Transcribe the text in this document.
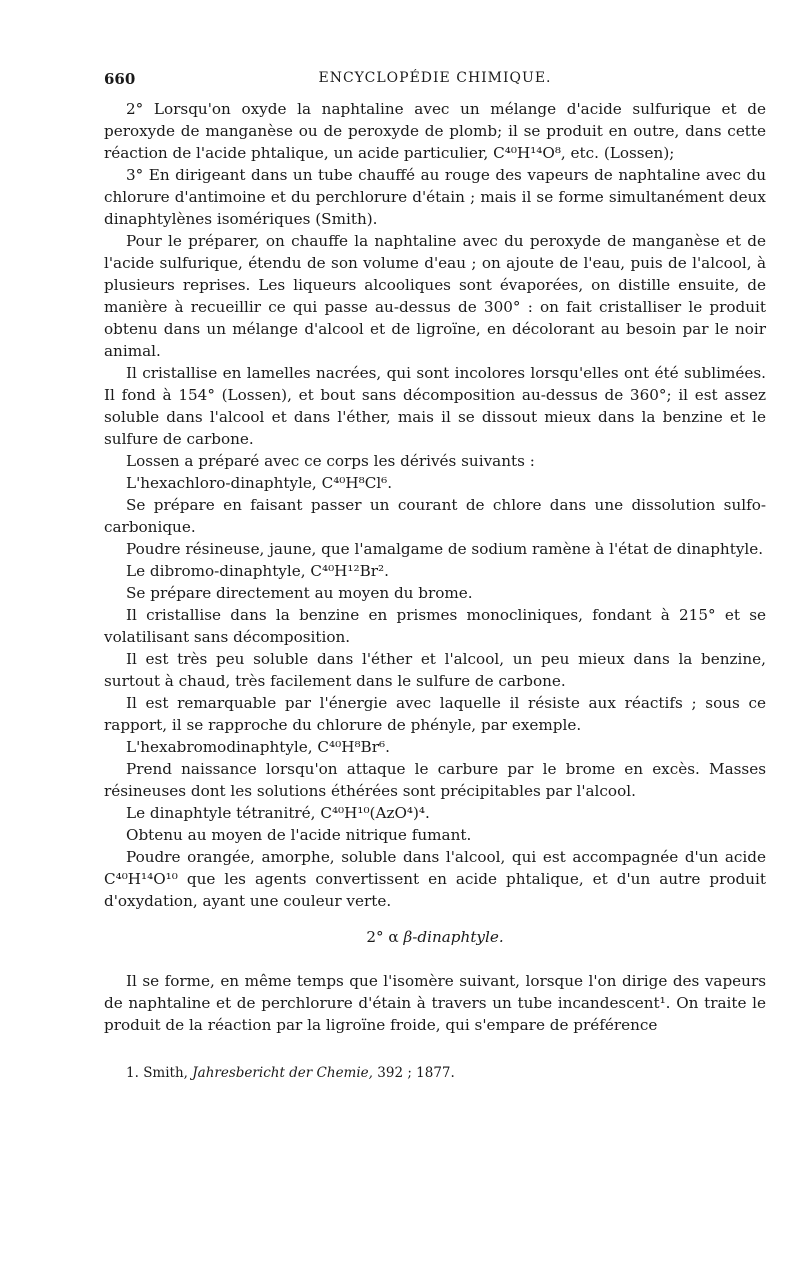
660	ENCYCLOPÉDIE CHIMIQUE.

2° Lorsqu'on oxyde la naphtaline avec un mélange d'acide sulfurique et de peroxyde de manganèse ou de peroxyde de plomb; il se produit en outre, dans cette réaction de l'acide phtalique, un acide particulier, C⁴⁰H¹⁴O⁸, etc. (Lossen);

3° En dirigeant dans un tube chauffé au rouge des vapeurs de naphtaline avec du chlorure d'antimoine et du perchlorure d'étain ; mais il se forme simultanément deux dinaphtylènes isomériques (Smith).

Pour le préparer, on chauffe la naphtaline avec du peroxyde de manganèse et de l'acide sulfurique, étendu de son volume d'eau ; on ajoute de l'eau, puis de l'alcool, à plusieurs reprises. Les liqueurs alcooliques sont évaporées, on distille ensuite, de manière à recueillir ce qui passe au-dessus de 300° : on fait cristalliser le produit obtenu dans un mélange d'alcool et de ligroïne, en décolorant au besoin par le noir animal.

Il cristallise en lamelles nacrées, qui sont incolores lorsqu'elles ont été sublimées. Il fond à 154° (Lossen), et bout sans décomposition au-dessus de 360°; il est assez soluble dans l'alcool et dans l'éther, mais il se dissout mieux dans la benzine et le sulfure de carbone.

Lossen a préparé avec ce corps les dérivés suivants :

L'hexachloro-dinaphtyle, C⁴⁰H⁸Cl⁶.

Se prépare en faisant passer un courant de chlore dans une dissolution sulfo-carbonique.

Poudre résineuse, jaune, que l'amalgame de sodium ramène à l'état de dinaphtyle.

Le dibromo-dinaphtyle, C⁴⁰H¹²Br².

Se prépare directement au moyen du brome.

Il cristallise dans la benzine en prismes monocliniques, fondant à 215° et se volatilisant sans décomposition.

Il est très peu soluble dans l'éther et l'alcool, un peu mieux dans la benzine, surtout à chaud, très facilement dans le sulfure de carbone.

Il est remarquable par l'énergie avec laquelle il résiste aux réactifs ; sous ce rapport, il se rapproche du chlorure de phényle, par exemple.

L'hexabromodinaphtyle, C⁴⁰H⁸Br⁶.

Prend naissance lorsqu'on attaque le carbure par le brome en excès. Masses résineuses dont les solutions éthérées sont précipitables par l'alcool.

Le dinaphtyle tétranitré, C⁴⁰H¹⁰(AzO⁴)⁴.

Obtenu au moyen de l'acide nitrique fumant.

Poudre orangée, amorphe, soluble dans l'alcool, qui est accompagnée d'un acide C⁴⁰H¹⁴O¹⁰ que les agents convertissent en acide phtalique, et d'un autre produit d'oxydation, ayant une couleur verte.

2° α β-dinaphtyle.

Il se forme, en même temps que l'isomère suivant, lorsque l'on dirige des vapeurs de naphtaline et de perchlorure d'étain à travers un tube incandescent¹. On traite le produit de la réaction par la ligroïne froide, qui s'empare de préférence

1. Smith, Jahresbericht der Chemie, 392 ; 1877.
